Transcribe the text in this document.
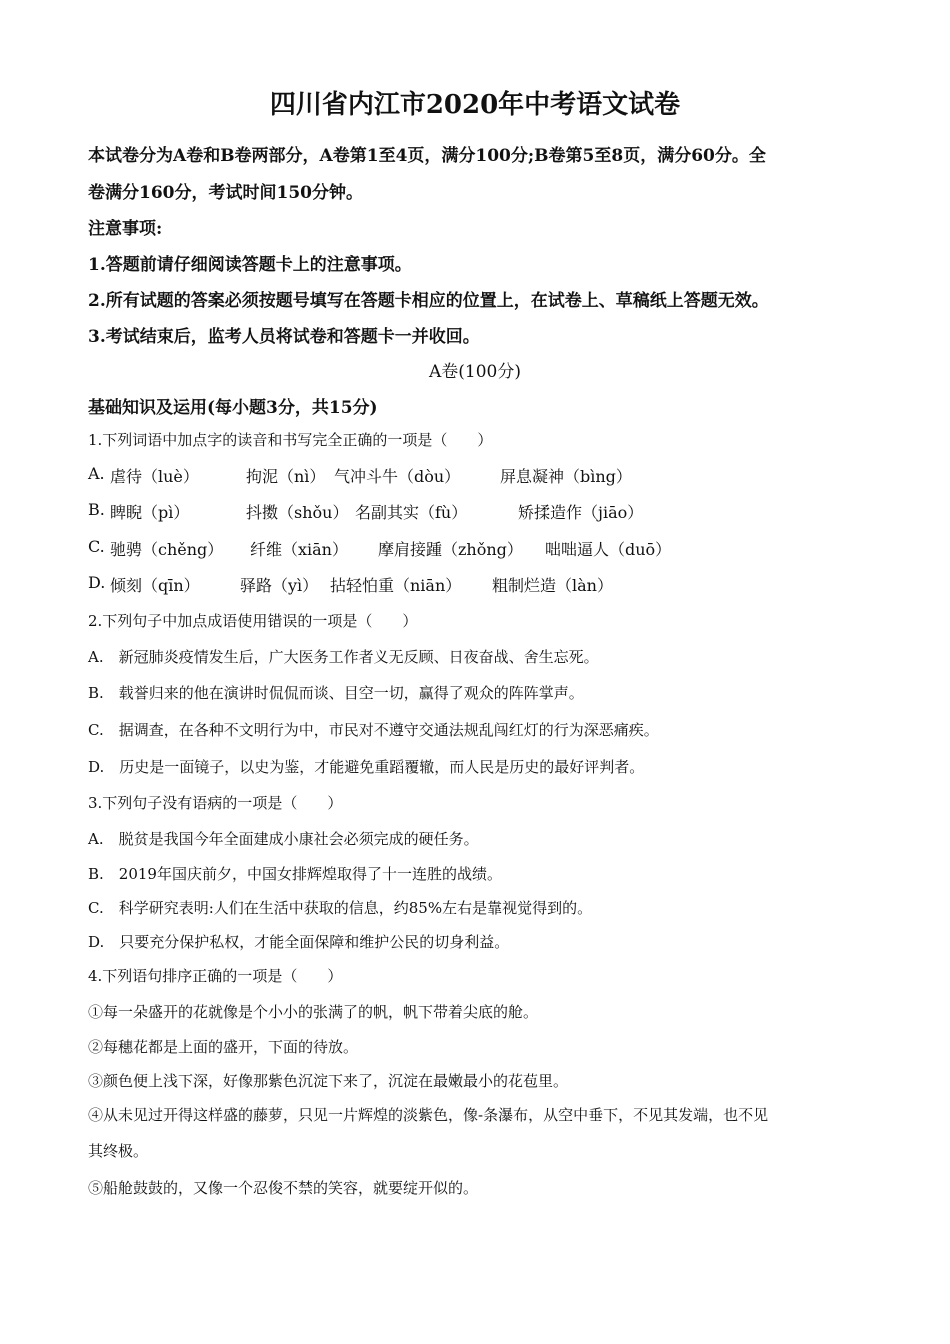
四川省内江市2020年中考语文试卷
本试卷分为A卷和B卷两部分，A卷第1至4页，满分100分;B卷第5至8页，满分60分。全
卷满分160分，考试时间150分钟。
注意事项:
1.答题前请仔细阅读答题卡上的注意事项。
2.所有试题的答案必须按题号填写在答题卡相应的位置上，在试卷上、草稿纸上答题无效。
3.考试结束后，监考人员将试卷和答题卡一并收回。
A卷(100分)
基础知识及运用(每小题3分，共15分)
1.下列词语中加点字的读音和书写完全正确的一项是（　　）
A. 虐待（luè）	拘泥（nì） 气冲斗牛（dòu） 屏息凝神（bìng）
B. 睥睨（pì）	抖擞（shǒu） 名副其实（fù）	矫揉造作（jiāo）
C. 驰骋（chěng） 纤维（xiān） 摩肩接踵（zhǒng） 咄咄逼人（duō）
D. 倾刻（qīn）	驿路（yì） 拈轻怕重（niān） 粗制烂造（làn）
2.下列句子中加点成语使用错误的一项是（　　）
A.　新冠肺炎疫情发生后，广大医务工作者义无反顾、日夜奋战、舍生忘死。
B.　载誉归来的他在演讲时侃侃而谈、目空一切，赢得了观众的阵阵掌声。
C.　据调查，在各种不文明行为中，市民对不遵守交通法规乱闯红灯的行为深恶痛疾。
D.　历史是一面镜子，以史为鉴，才能避免重蹈覆辙，而人民是历史的最好评判者。
3.下列句子没有语病的一项是（　　）
A.　脱贫是我国今年全面建成小康社会必须完成的硬任务。
B.　2019年国庆前夕，中国女排辉煌取得了十一连胜的战绩。
C.　科学研究表明:人们在生活中获取的信息，约85%左右是靠视觉得到的。
D.　只要充分保护私权，才能全面保障和维护公民的切身利益。
4.下列语句排序正确的一项是（　　）
①每一朵盛开的花就像是个小小的张满了的帆，帆下带着尖底的舱。
②每穗花都是上面的盛开，下面的待放。
③颜色便上浅下深，好像那紫色沉淀下来了，沉淀在最嫩最小的花苞里。
④从未见过开得这样盛的藤萝，只见一片辉煌的淡紫色，像-条瀑布，从空中垂下，不见其发端，也不见
其终极。
⑤船舱鼓鼓的，又像一个忍俊不禁的笑容，就要绽开似的。
